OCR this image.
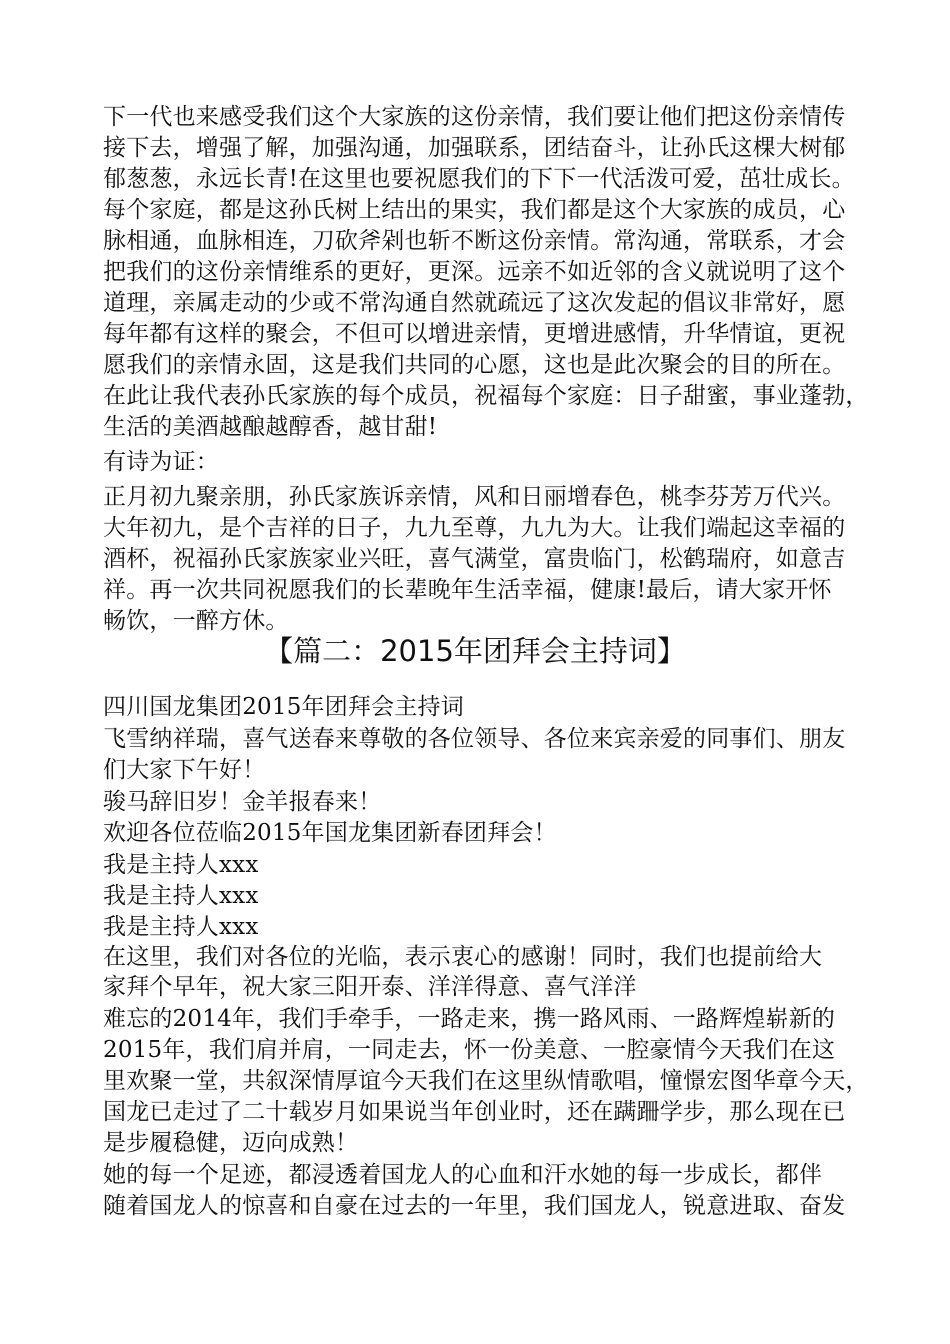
下一代也来感受我们这个大家族的这份亲情，我们要让他们把这份亲情传
接下去，增强了解，加强沟通，加强联系，团结奋斗，让孙氏这棵大树郁
郁葱葱，永远长青!在这里也要祝愿我们的下下一代活泼可爱，茁壮成长。
每个家庭，都是这孙氏树上结出的果实，我们都是这个大家族的成员，心
脉相通，血脉相连，刀砍斧剁也斩不断这份亲情。常沟通，常联系，才会
把我们的这份亲情维系的更好，更深。远亲不如近邻的含义就说明了这个
道理，亲属走动的少或不常沟通自然就疏远了这次发起的倡议非常好，愿
每年都有这样的聚会，不但可以增进亲情，更增进感情，升华情谊，更祝
愿我们的亲情永固，这是我们共同的心愿，这也是此次聚会的目的所在。
在此让我代表孙氏家族的每个成员，祝福每个家庭：日子甜蜜，事业蓬勃，
生活的美酒越酿越醇香，越甘甜!
有诗为证：
正月初九聚亲朋，孙氏家族诉亲情，风和日丽增春色，桃李芬芳万代兴。
大年初九，是个吉祥的日子，九九至尊，九九为大。让我们端起这幸福的
酒杯，祝福孙氏家族家业兴旺，喜气满堂，富贵临门，松鹤瑞府，如意吉
祥。再一次共同祝愿我们的长辈晚年生活幸福，健康!最后，请大家开怀
畅饮，一醉方休。
【篇二：2015年团拜会主持词】
四川国龙集团2015年团拜会主持词
飞雪纳祥瑞，喜气送春来尊敬的各位领导、各位来宾亲爱的同事们、朋友
们大家下午好！
骏马辞旧岁！金羊报春来！
欢迎各位莅临2015年国龙集团新春团拜会！
我是主持人xxx
我是主持人xxx
我是主持人xxx
在这里，我们对各位的光临，表示衷心的感谢！同时，我们也提前给大
家拜个早年，祝大家三阳开泰、洋洋得意、喜气洋洋
难忘的2014年，我们手牵手，一路走来，携一路风雨、一路辉煌崭新的
2015年，我们肩并肩，一同走去，怀一份美意、一腔豪情今天我们在这
里欢聚一堂，共叙深情厚谊今天我们在这里纵情歌唱，憧憬宏图华章今天，
国龙已走过了二十载岁月如果说当年创业时，还在蹒跚学步，那么现在已
是步履稳健，迈向成熟！
她的每一个足迹，都浸透着国龙人的心血和汗水她的每一步成长，都伴
随着国龙人的惊喜和自豪在过去的一年里，我们国龙人，锐意进取、奋发
